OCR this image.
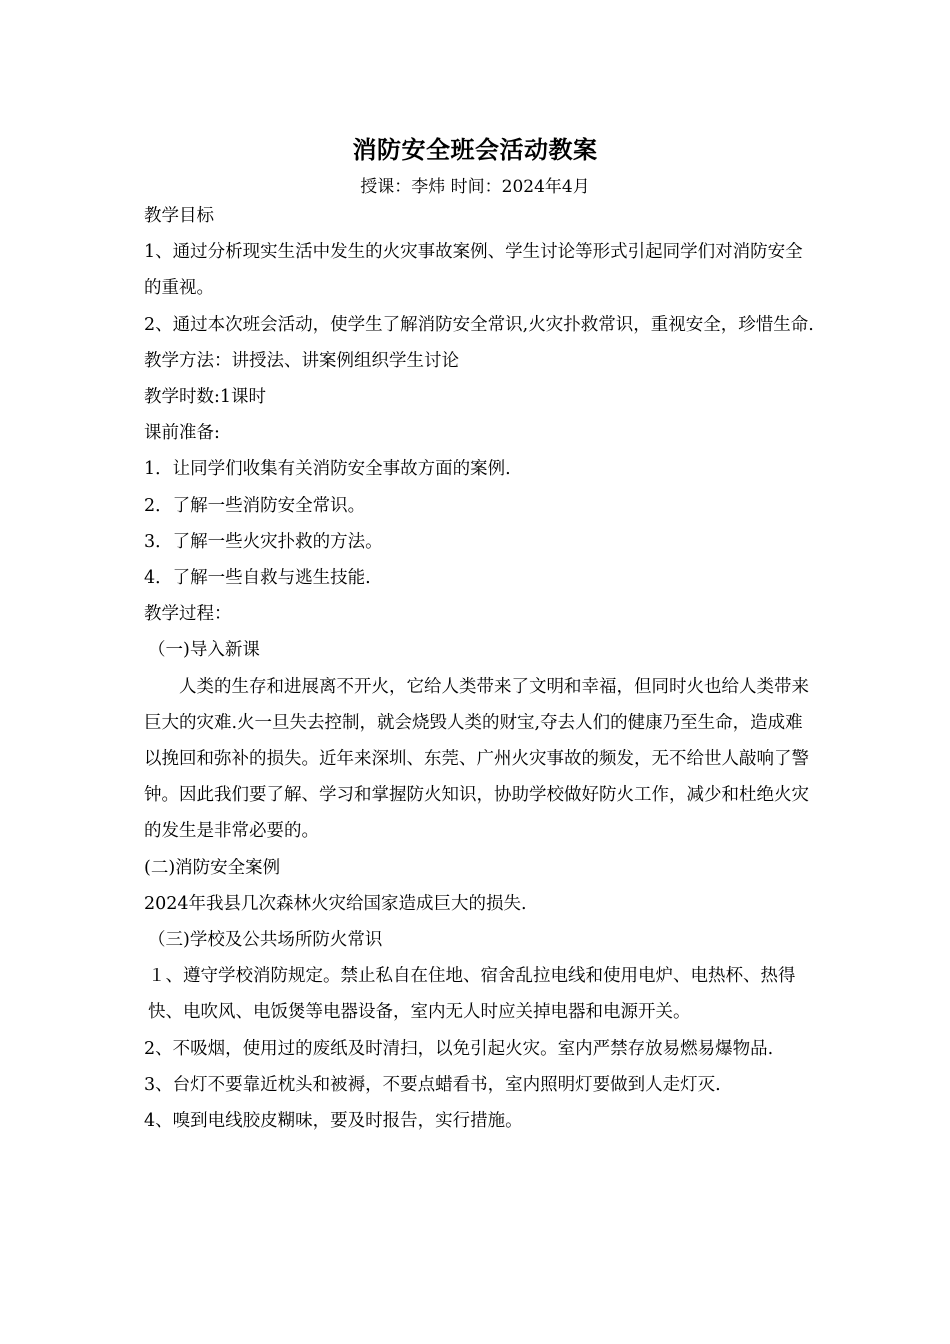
消防安全班会活动教案
授课：李炜 时间：2024年4月

教学目标

1、通过分析现实生活中发生的火灾事故案例、学生讨论等形式引起同学们对消防安全的重视。

2、通过本次班会活动，使学生了解消防安全常识,火灾扑救常识，重视安全，珍惜生命.

教学方法：讲授法、讲案例组织学生讨论

教学时数:1课时

课前准备:

1．让同学们收集有关消防安全事故方面的案例.

2．了解一些消防安全常识。

3．了解一些火灾扑救的方法。

4．了解一些自救与逃生技能.

教学过程：

（一)导入新课

人类的生存和进展离不开火，它给人类带来了文明和幸福，但同时火也给人类带来巨大的灾难.火一旦失去控制，就会烧毁人类的财宝,夺去人们的健康乃至生命，造成难以挽回和弥补的损失。近年来深圳、东莞、广州火灾事故的频发，无不给世人敲响了警钟。因此我们要了解、学习和掌握防火知识，协助学校做好防火工作，减少和杜绝火灾的发生是非常必要的。

(二)消防安全案例

2024年我县几次森林火灾给国家造成巨大的损失.

（三)学校及公共场所防火常识

１、遵守学校消防规定。禁止私自在住地、宿舍乱拉电线和使用电炉、电热杯、热得快、电吹风、电饭煲等电器设备，室内无人时应关掉电器和电源开关。

2、不吸烟，使用过的废纸及时清扫，以免引起火灾。室内严禁存放易燃易爆物品.

3、台灯不要靠近枕头和被褥，不要点蜡看书，室内照明灯要做到人走灯灭.

4、嗅到电线胶皮糊味，要及时报告，实行措施。
